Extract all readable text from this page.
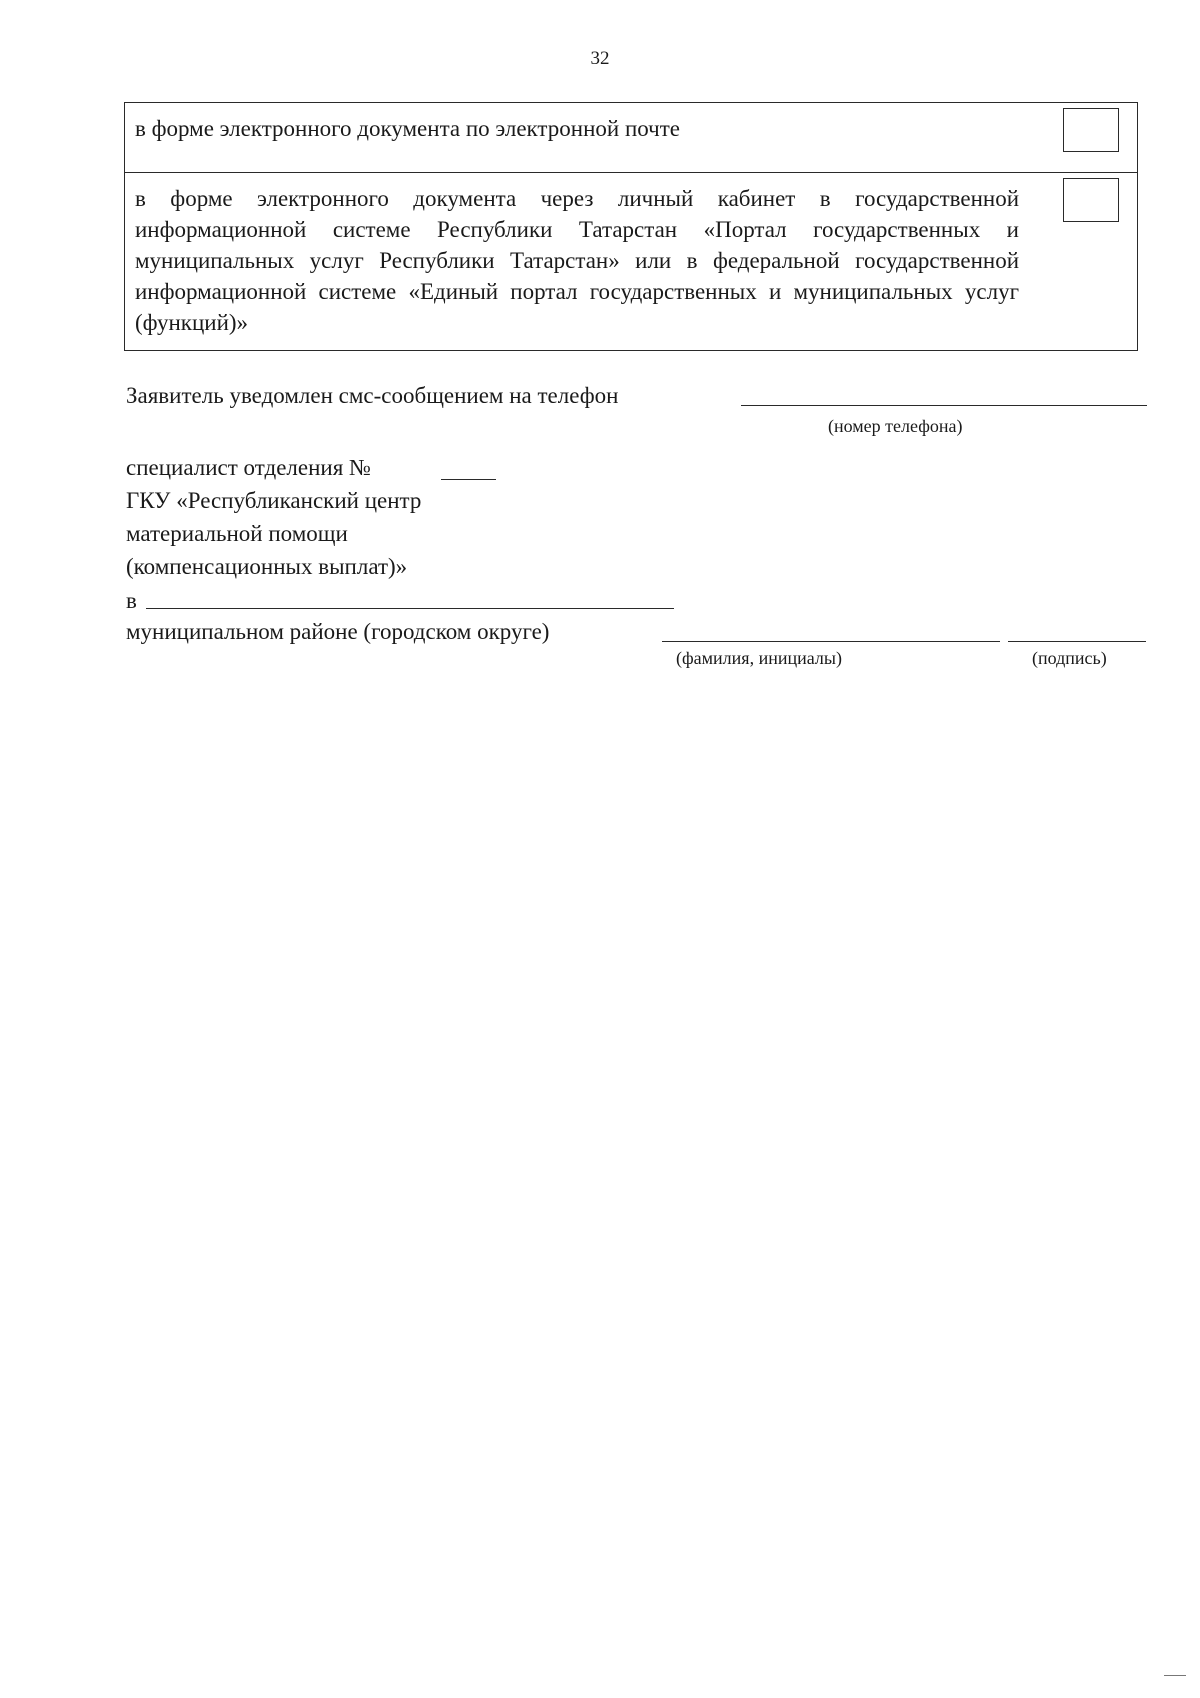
32
в форме электронного документа по электронной почте
в форме электронного документа через личный кабинет в государственной информационной системе Республики Татарстан «Портал государственных и муниципальных услуг Республики Татарстан» или в федеральной государственной информационной системе «Единый портал государственных и муниципальных услуг (функций)»
Заявитель уведомлен смс-сообщением на телефон
(номер телефона)
специалист отделения №
ГКУ «Республиканский центр
материальной помощи
(компенсационных выплат)»
в
муниципальном районе (городском округе)
(фамилия, инициалы)	(подпись)
